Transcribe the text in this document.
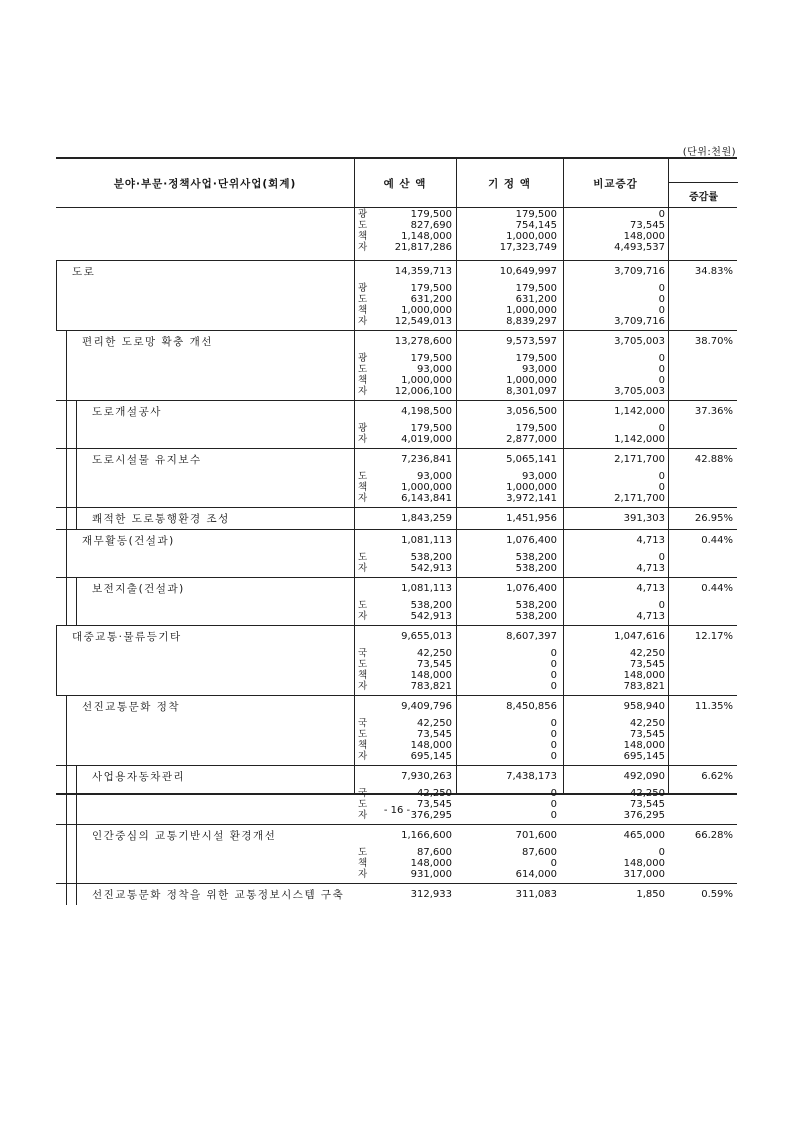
(단위:천원)
분야·부문·정책사업·단위사업(회계)	예 산 액	기 정 액	비교증감
증감률
광	179,500	179,500	0
도	827,690	754,145	73,545
책	1,148,000	1,000,000	148,000
자	21,817,286	17,323,749	4,493,537
도로	14,359,713	10,649,997	3,709,716	34.83%
광	179,500	179,500	0
도	631,200	631,200	0
책	1,000,000	1,000,000	0
자	12,549,013	8,839,297	3,709,716
편리한 도로망 확충 개선	13,278,600	9,573,597	3,705,003	38.70%
광	179,500	179,500	0
도	93,000	93,000	0
책	1,000,000	1,000,000	0
자	12,006,100	8,301,097	3,705,003
도로개설공사	4,198,500	3,056,500	1,142,000	37.36%
광	179,500	179,500	0
자	4,019,000	2,877,000	1,142,000
도로시설물 유지보수	7,236,841	5,065,141	2,171,700	42.88%
도	93,000	93,000	0
책	1,000,000	1,000,000	0
자	6,143,841	3,972,141	2,171,700
쾌적한 도로통행환경 조성	1,843,259	1,451,956	391,303	26.95%
재무활동(건설과)	1,081,113	1,076,400	4,713	0.44%
도	538,200	538,200	0
자	542,913	538,200	4,713
보전지출(건설과)	1,081,113	1,076,400	4,713	0.44%
도	538,200	538,200	0
자	542,913	538,200	4,713
대중교통·물류등기타	9,655,013	8,607,397	1,047,616	12.17%
국	42,250	0	42,250
도	73,545	0	73,545
책	148,000	0	148,000
자	783,821	0	783,821
선진교통문화 정착	9,409,796	8,450,856	958,940	11.35%
국	42,250	0	42,250
도	73,545	0	73,545
책	148,000	0	148,000
자	695,145	0	695,145
사업용자동차관리	7,930,263	7,438,173	492,090	6.62%
국	42,250	0	42,250
도	73,545	0	73,545
자	376,295	0	376,295
인간중심의 교통기반시설 환경개선	1,166,600	701,600	465,000	66.28%
도	87,600	87,600	0
책	148,000	0	148,000
자	931,000	614,000	317,000
선진교통문화 정착을 위한 교통정보시스템 구축	312,933	311,083	1,850	0.59%
- 16 -
